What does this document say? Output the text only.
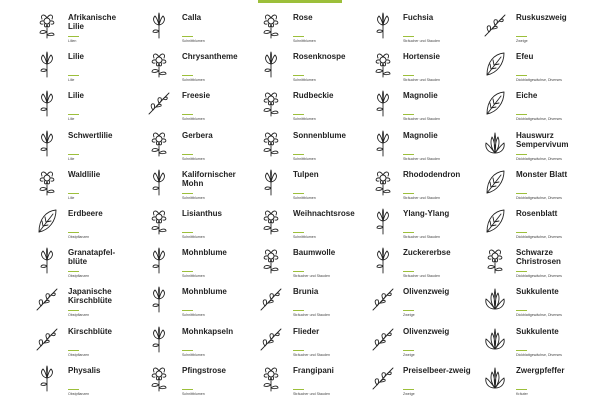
Afrikanische Lilie
Lilien
Calla
Schnittblumen
Rose
Schnittblumen
Fuchsia
Sträucher und Stauden
Ruskuszweig
Zweige
Lilie
Lilie
Chrysantheme
Schnittblumen
Rosenknospe
Schnittblumen
Hortensie
Sträucher und Stauden
Efeu
Dickblattgewächse, Diverses
Lilie
Lilie
Freesie
Schnittblumen
Rudbeckie
Schnittblumen
Magnolie
Sträucher und Stauden
Eiche
Dickblattgewächse, Diverses
Schwertlilie
Lilie
Gerbera
Schnittblumen
Sonnenblume
Schnittblumen
Magnolie
Sträucher und Stauden
Hauswurz Sempervivum
Dickblattgewächse, Diverses
Waldlilie
Lilie
Kalifornischer Mohn
Schnittblumen
Tulpen
Schnittblumen
Rhododendron
Sträucher und Stauden
Monster Blatt
Dickblattgewächse, Diverses
Erdbeere
Obstpflanzen
Lisianthus
Schnittblumen
Weihnachtsrose
Schnittblumen
Ylang-Ylang
Sträucher und Stauden
Rosenblatt
Dickblattgewächse, Diverses
Granatapfel-blüte
Obstpflanzen
Mohnblume
Schnittblumen
Baumwolle
Sträucher und Stauden
Zuckererbse
Sträucher und Stauden
Schwarze Christrosen
Dickblattgewächse, Diverses
Japanische Kirschblüte
Obstpflanzen
Mohnblume
Schnittblumen
Brunia
Sträucher und Stauden
Olivenzweig
Zweige
Sukkulente
Dickblattgewächse, Diverses
Kirschblüte
Obstpflanzen
Mohnkapseln
Schnittblumen
Flieder
Sträucher und Stauden
Olivenzweig
Zweige
Sukkulente
Dickblattgewächse, Diverses
Physalis
Obstpflanzen
Pfingstrose
Schnittblumen
Frangipani
Sträucher und Stauden
Preiselbeer-zweig
Zweige
Zwergpfeffer
Kräuter
